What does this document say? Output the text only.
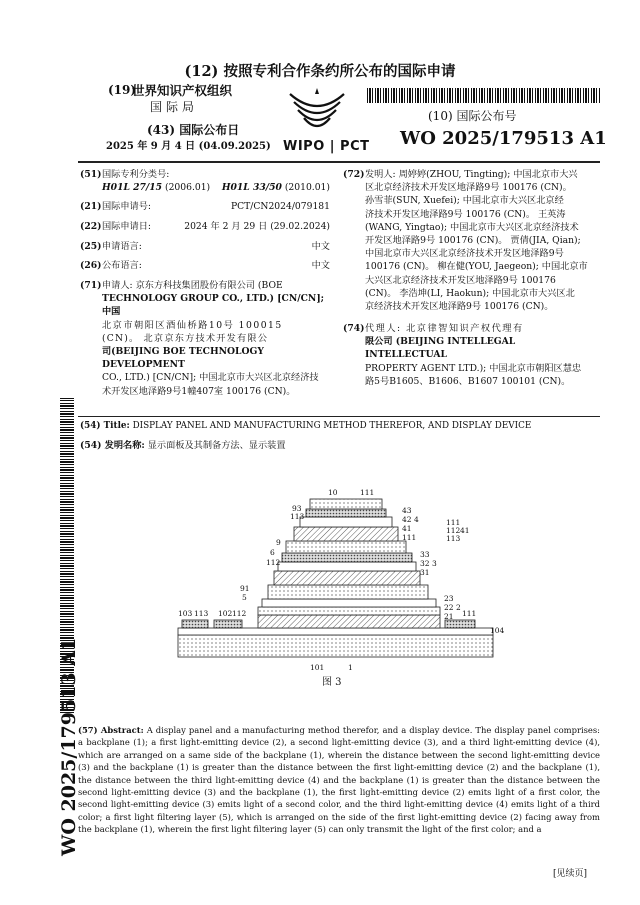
(12) 按照专利合作条约所公布的国际申请
(19)
世界知识产权组织
国际局
(43) 国际公布日
2025 年 9 月 4 日 (04.09.2025) WIPO | PCT
(10) 国际公布号
WO 2025/179513 A1
(51)国际专利分类号:
H01L 27/15 (2006.01) H01L 33/50 (2010.01)
(21)国际申请号:	PCT/CN2024/079181
(22)国际申请日:	2024 年 2 月 29 日 (29.02.2024)
(25)申请语言:	中文
(26)公布语言:	中文
(71) 申请人: 京东方科技集团股份有限公司 (BOE
TECHNOLOGY GROUP CO., LTD.) [CN/CN]; 中国
北京市朝阳区酒仙桥路10号 100015
(CN)。 北京京东方技术开发有限公
司(BEIJING BOE TECHNOLOGY DEVELOPMENT
CO., LTD.) [CN/CN]; 中国北京市大兴区北京经济技
术开发区地泽路9号1幢407室 100176 (CN)。
(72) 发明人: 周婷婷(ZHOU, Tingting); 中国北京市大兴
区北京经济技术开发区地泽路9号 100176 (CN)。
孙雪菲(SUN, Xuefei); 中国北京市大兴区北京经
济技术开发区地泽路9号 100176 (CN)。 王英涛
(WANG, Yingtao); 中国北京市大兴区北京经济技术
开发区地泽路9号 100176 (CN)。 贾倩(JIA, Qian);
中国北京市大兴区北京经济技术开发区地泽路9号
100176 (CN)。 柳在健(YOU, Jaegeon); 中国北京市
大兴区北京经济技术开发区地泽路9号 100176
(CN)。 李浩坤(LI, Haokun); 中国北京市大兴区北
京经济技术开发区地泽路9号 100176 (CN)。
(74) 代理人: 北京律智知识产权代理有
限公司 (BEIJING INTELLEGAL INTELLECTUAL
PROPERTY AGENT LTD.); 中国北京市朝阳区慧忠
路5号B1605、B1606、B1607 100101 (CN)。
WO 2025/179513 A1
(54) Title: DISPLAY PANEL AND MANUFACTURING METHOD THEREFOR, AND DISPLAY DEVICE
(54) 发明名称: 显示面板及其制备方法、显示装置
10	111
93
113
43
42 4
41
111
9
6
112
33
32 3
31
91
5	23
22 2
21
103 113 102 112	111
104
101	1
111
112
113
41
图 3
(57) Abstract: A display panel and a manufacturing method therefor, and a display device. The display panel comprises: a backplane (1); a first light-emitting device (2), a second light-emitting device (3), and a third light-emitting device (4), which are arranged on a same side of the backplane (1), wherein the distance between the second light-emitting device (3) and the backplane (1) is greater than the distance between the first light-emitting device (2) and the backplane (1), the distance between the third light-emitting device (4) and the backplane (1) is greater than the distance between the second light-emitting device (3) and the backplane (1), the first light-emitting device (2) emits light of a first color, the second light-emitting device (3) emits light of a second color, and the third light-emitting device (4) emits light of a third color; a first light filtering layer (5), which is arranged on the side of the first light-emitting device (2) facing away from the backplane (1), wherein the first light filtering layer (5) can only transmit the light of the first color; and a
[见续页]
